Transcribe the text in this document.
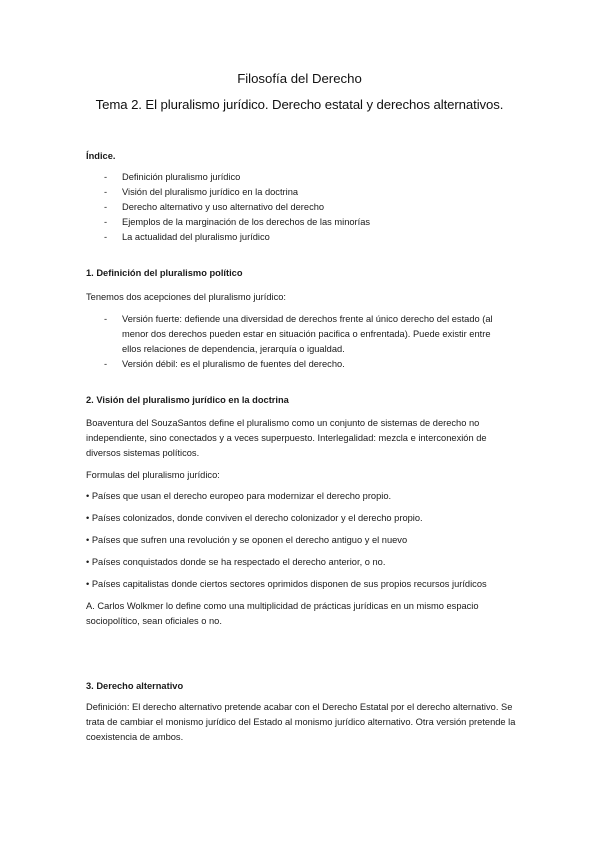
Filosofía del Derecho
Tema 2. El pluralismo jurídico. Derecho estatal y derechos alternativos.
Índice.
- Definición pluralismo jurídico
- Visión del pluralismo jurídico en la doctrina
- Derecho alternativo y uso alternativo del derecho
- Ejemplos de la marginación de los derechos de las minorías
- La actualidad del pluralismo jurídico
1. Definición del pluralismo político

Tenemos dos acepciones del pluralismo jurídico:

- Versión fuerte: defiende una diversidad de derechos frente al único derecho del estado (al menor dos derechos pueden estar en situación pacifica o enfrentada). Puede existir entre ellos relaciones de dependencia, jerarquía o igualdad.
- Versión débil: es el pluralismo de fuentes del derecho.
2. Visión del pluralismo jurídico en la doctrina

Boaventura del SouzaSantos define el pluralismo como un conjunto de sistemas de derecho no independiente, sino conectados y a veces superpuesto. Interlegalidad: mezcla e interconexión de diversos sistemas políticos.

Formulas del pluralismo jurídico:

• Países que usan el derecho europeo para modernizar el derecho propio.

• Países colonizados, donde conviven el derecho colonizador y el derecho propio.

• Países que sufren una revolución y se oponen el derecho antiguo y el nuevo

• Países conquistados donde se ha respectado el derecho anterior, o no.

• Países capitalistas donde ciertos sectores oprimidos disponen de sus propios recursos jurídicos

A. Carlos Wolkmer lo define como una multiplicidad de prácticas jurídicas en un mismo espacio sociopolítico, sean oficiales o no.

3. Derecho alternativo

Definición: El derecho alternativo pretende acabar con el Derecho Estatal por el derecho alternativo. Se trata de cambiar el monismo jurídico del Estado al monismo jurídico alternativo. Otra versión pretende la coexistencia de ambos.
